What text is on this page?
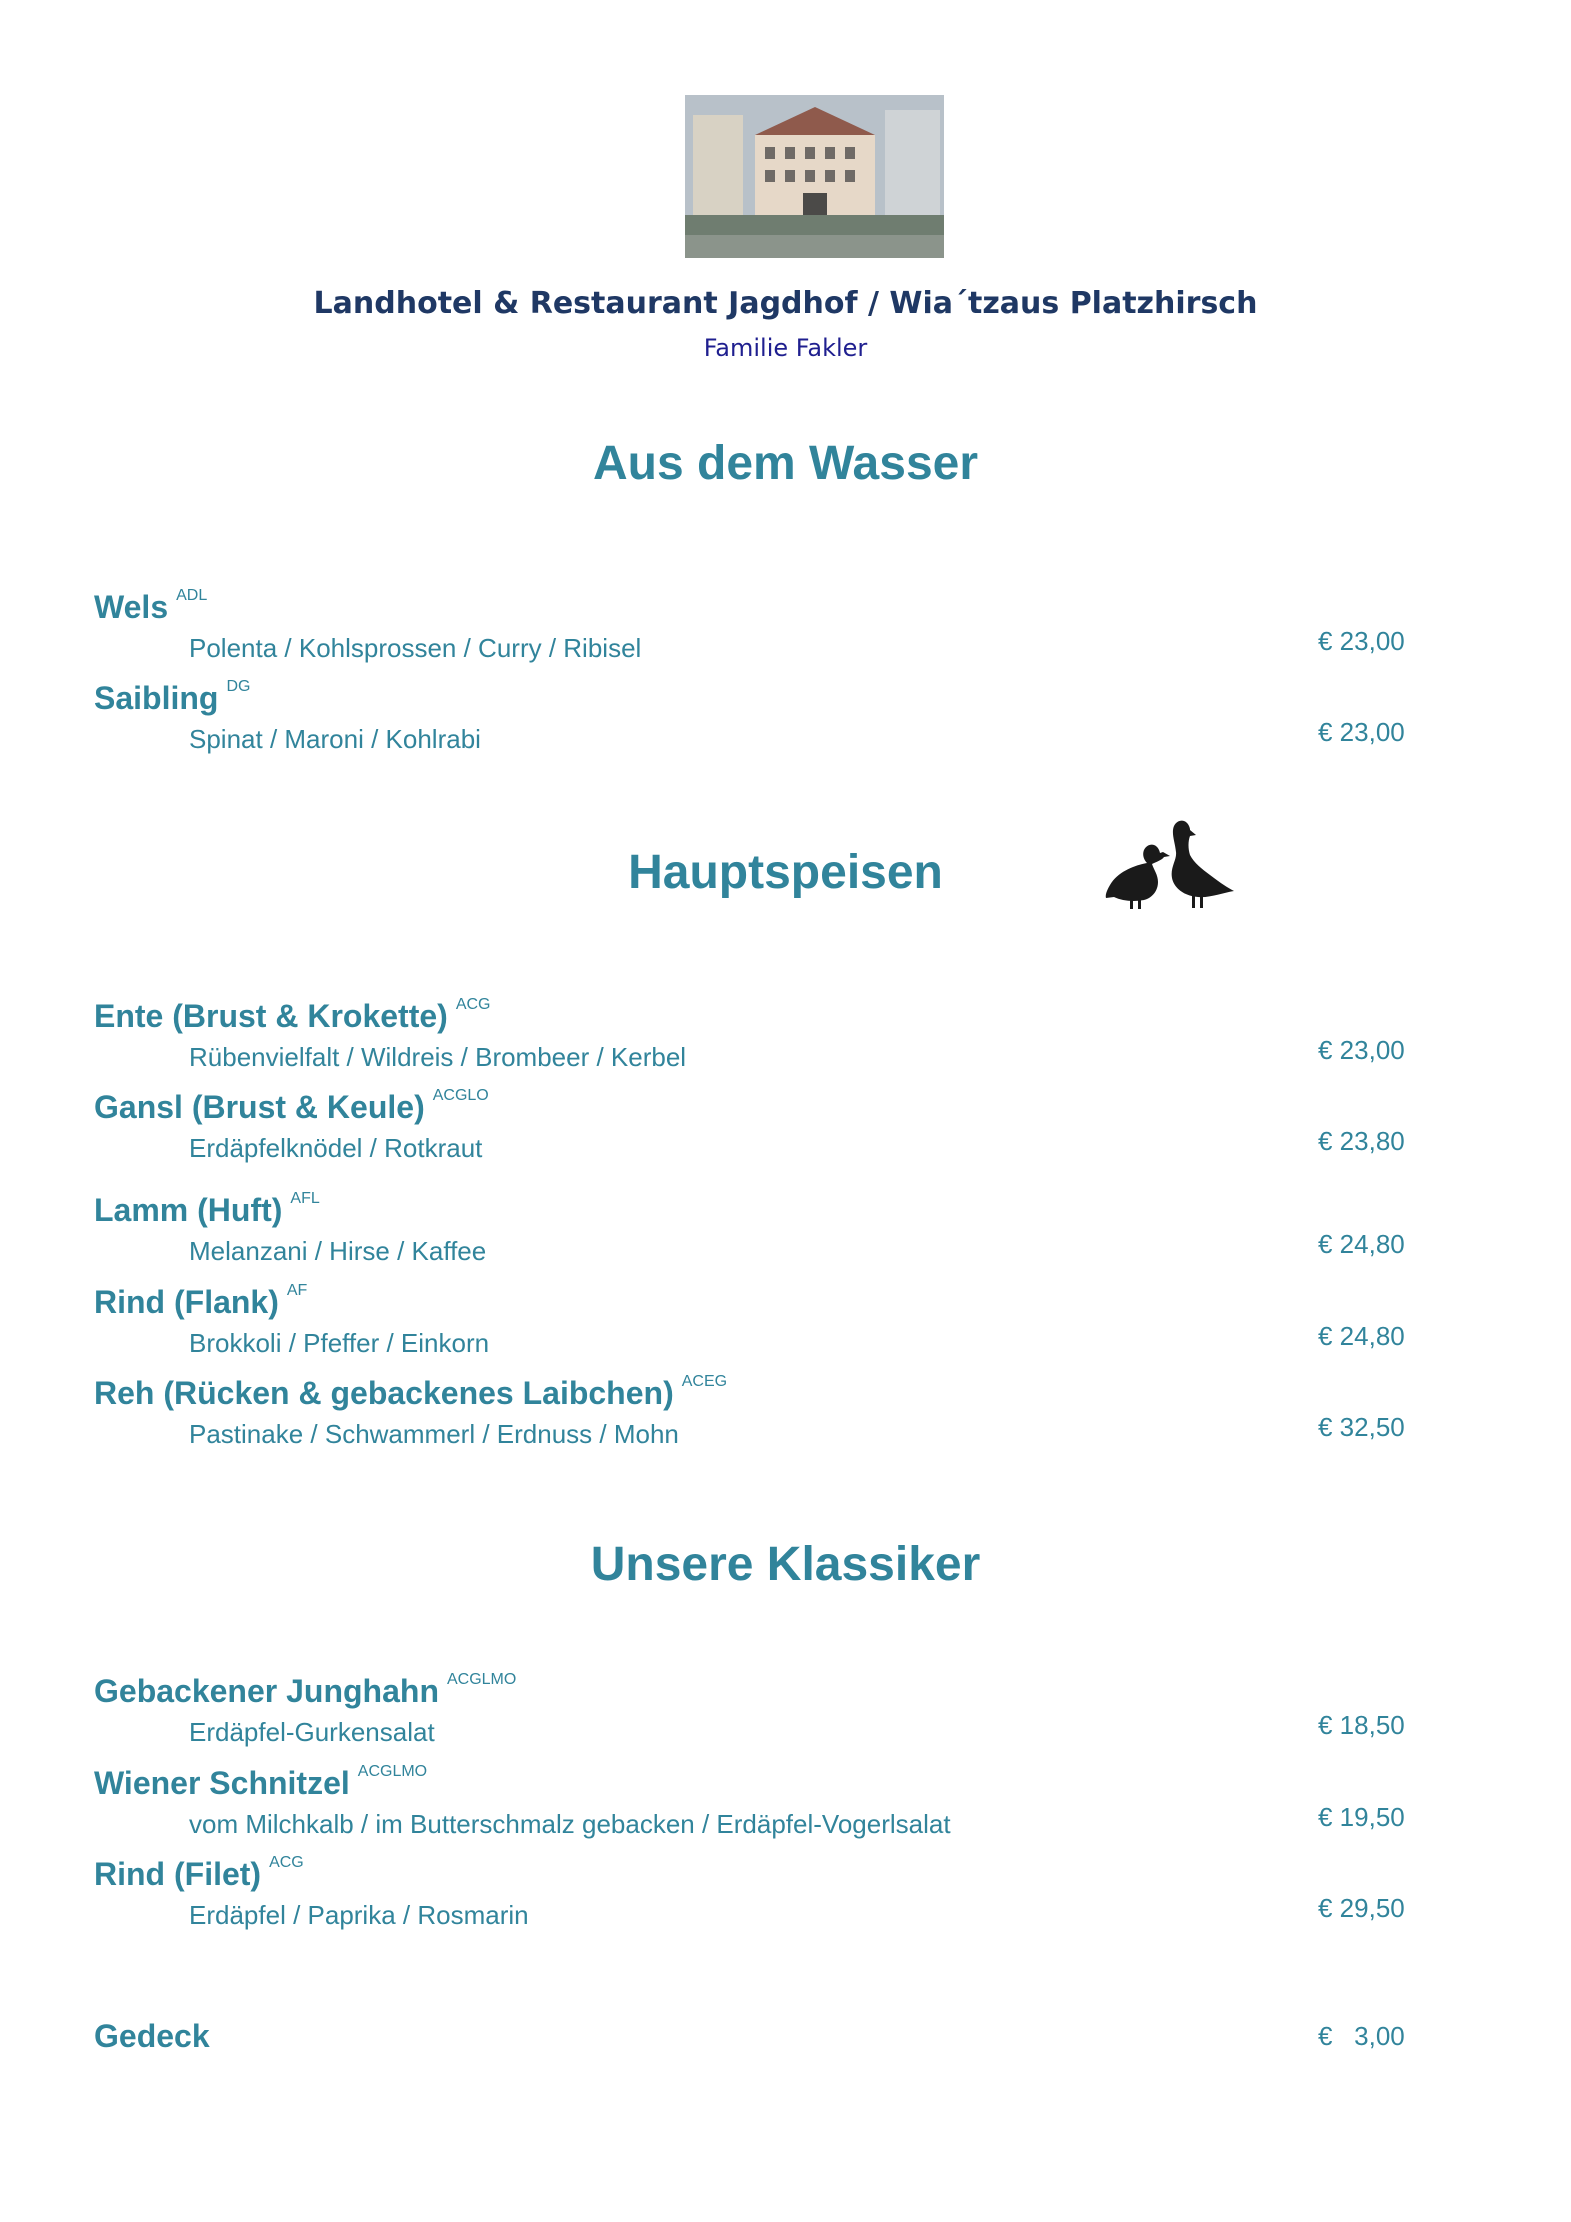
Landhotel & Restaurant Jagdhof / Wia´tzaus Platzhirsch
Familie Fakler
Aus dem Wasser
Wels $^{ADL}$
Polenta / Kohlsprossen / Curry / Ribisel	€ 23,00
Saibling $^{DG}$
Spinat / Maroni / Kohlrabi	€ 23,00
Hauptspeisen
Ente (Brust & Krokette) $^{ACG}$
Rübenvielfalt / Wildreis / Brombeer / Kerbel	€ 23,00
Gansl (Brust & Keule) $^{ACGLO}$
Erdäpfelknödel / Rotkraut	€ 23,80
Lamm (Huft) $^{AFL}$
Melanzani / Hirse / Kaffee	€ 24,80
Rind (Flank) $^{AF}$
Brokkoli / Pfeffer / Einkorn	€ 24,80
Reh (Rücken & gebackenes Laibchen) $^{ACEG}$
Pastinake / Schwammerl / Erdnuss / Mohn	€ 32,50
Unsere Klassiker
Gebackener Junghahn $^{ACGLMO}$
Erdäpfel-Gurkensalat	€ 18,50
Wiener Schnitzel $^{ACGLMO}$
vom Milchkalb / im Butterschmalz gebacken / Erdäpfel-Vogerlsalat	€ 19,50
Rind (Filet) $^{ACG}$
Erdäpfel / Paprika / Rosmarin	€ 29,50
Gedeck	€   3,00
